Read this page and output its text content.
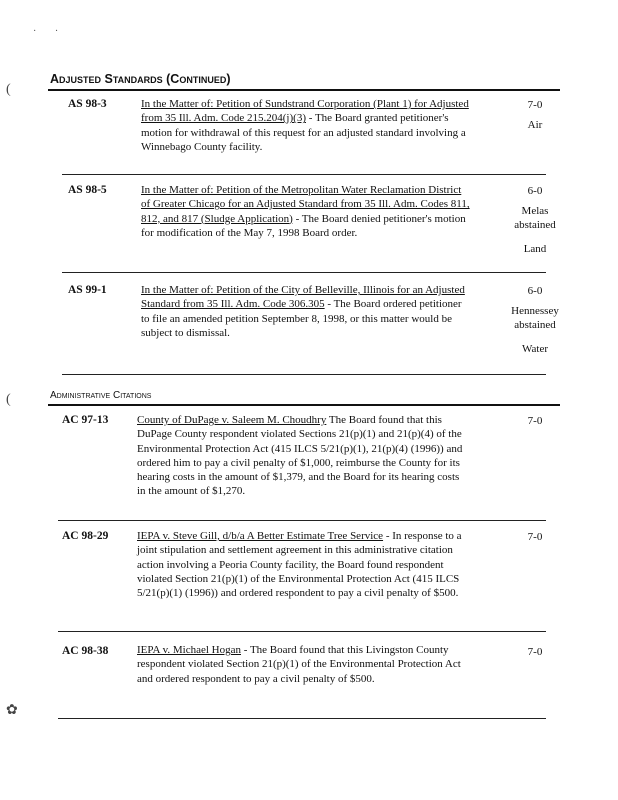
· ·
(
(
✿
Adjusted Standards (Continued)
AS 98-3	In the Matter of: Petition of Sundstrand Corporation (Plant 1) for Adjusted from 35 Ill. Adm. Code 215.204(j)(3) - The Board granted petitioner's motion for withdrawal of this request for an adjusted standard involving a Winnebago County facility.
7-0
Air
AS 98-5	In the Matter of: Petition of the Metropolitan Water Reclamation District of Greater Chicago for an Adjusted Standard from 35 Ill. Adm. Codes 811, 812, and 817 (Sludge Application) - The Board denied petitioner's motion for modification of the May 7, 1998 Board order.
6-0
Melas abstained
Land
AS 99-1	In the Matter of: Petition of the City of Belleville, Illinois for an Adjusted Standard from 35 Ill. Adm. Code 306.305 - The Board ordered petitioner to file an amended petition September 8, 1998, or this matter would be subject to dismissal.
6-0
Hennessey abstained
Water
Administrative Citations
AC 97-13	County of DuPage v. Saleem M. Choudhry The Board found that this DuPage County respondent violated Sections 21(p)(1) and 21(p)(4) of the Environmental Protection Act (415 ILCS 5/21(p)(1), 21(p)(4) (1996)) and ordered him to pay a civil penalty of $1,000, reimburse the County for its hearing costs in the amount of $1,379, and the Board for its hearing costs in the amount of $1,270.
7-0
AC 98-29	IEPA v. Steve Gill, d/b/a A Better Estimate Tree Service - In response to a joint stipulation and settlement agreement in this administrative citation action involving a Peoria County facility, the Board found respondent violated Section 21(p)(1) of the Environmental Protection Act (415 ILCS 5/21(p)(1) (1996)) and ordered respondent to pay a civil penalty of $500.
7-0
AC 98-38	IEPA v. Michael Hogan - The Board found that this Livingston County respondent violated Section 21(p)(1) of the Environmental Protection Act and ordered respondent to pay a civil penalty of $500.
7-0
